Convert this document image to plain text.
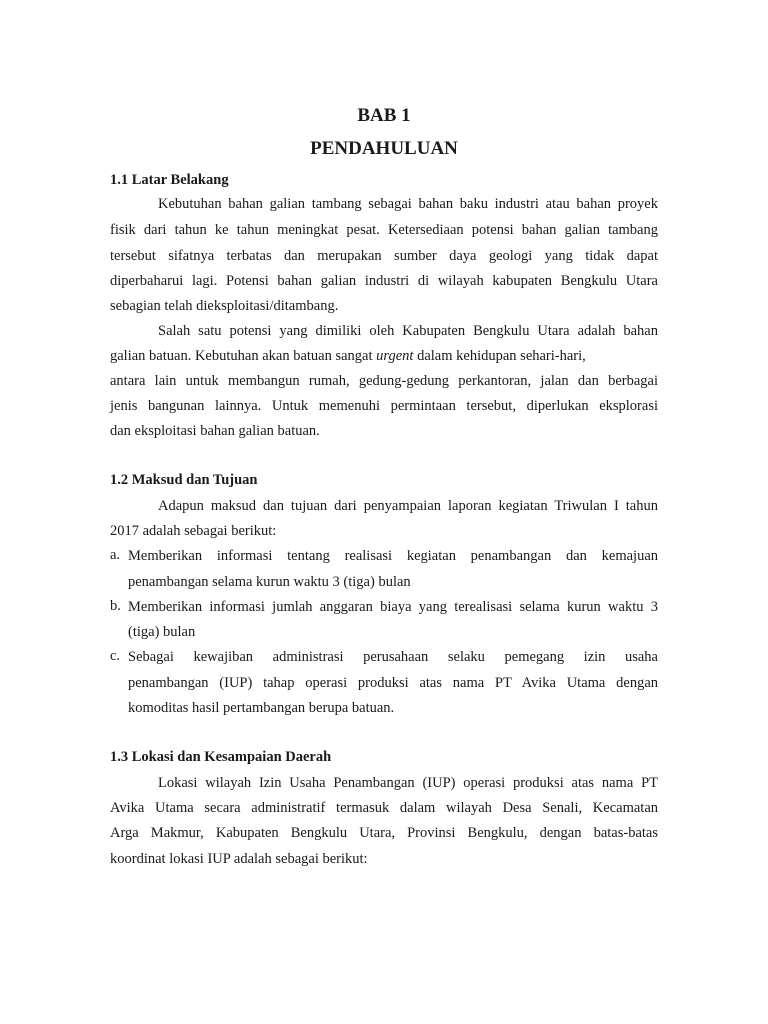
BAB 1
PENDAHULUAN
1.1 Latar Belakang
Kebutuhan bahan galian tambang sebagai bahan baku industri atau bahan proyek
fisik dari tahun ke tahun meningkat pesat. Ketersediaan potensi bahan galian tambang
tersebut sifatnya terbatas dan merupakan sumber daya geologi yang tidak dapat
diperbaharui lagi. Potensi bahan galian industri di wilayah kabupaten Bengkulu Utara
sebagian telah dieksploitasi/ditambang.
Salah satu potensi yang dimiliki oleh Kabupaten Bengkulu Utara adalah bahan
galian batuan. Kebutuhan akan batuan sangat urgent dalam kehidupan sehari-hari,
antara lain untuk membangun rumah, gedung-gedung perkantoran, jalan dan berbagai
jenis bangunan lainnya. Untuk memenuhi permintaan tersebut, diperlukan eksplorasi
dan eksploitasi bahan galian batuan.
1.2 Maksud dan Tujuan
Adapun maksud dan tujuan dari penyampaian laporan kegiatan Triwulan I tahun
2017 adalah sebagai berikut:
a. Memberikan informasi tentang realisasi kegiatan penambangan dan kemajuan
penambangan selama kurun waktu 3 (tiga) bulan
b. Memberikan informasi jumlah anggaran biaya yang terealisasi selama kurun waktu 3
(tiga) bulan
c. Sebagai kewajiban administrasi perusahaan selaku pemegang izin usaha
penambangan (IUP) tahap operasi produksi atas nama PT Avika Utama dengan
komoditas hasil pertambangan berupa batuan.
1.3 Lokasi dan Kesampaian Daerah
Lokasi wilayah Izin Usaha Penambangan (IUP) operasi produksi atas nama PT
Avika Utama secara administratif termasuk dalam wilayah Desa Senali, Kecamatan
Arga Makmur, Kabupaten Bengkulu Utara, Provinsi Bengkulu, dengan batas-batas
koordinat lokasi IUP adalah sebagai berikut:
